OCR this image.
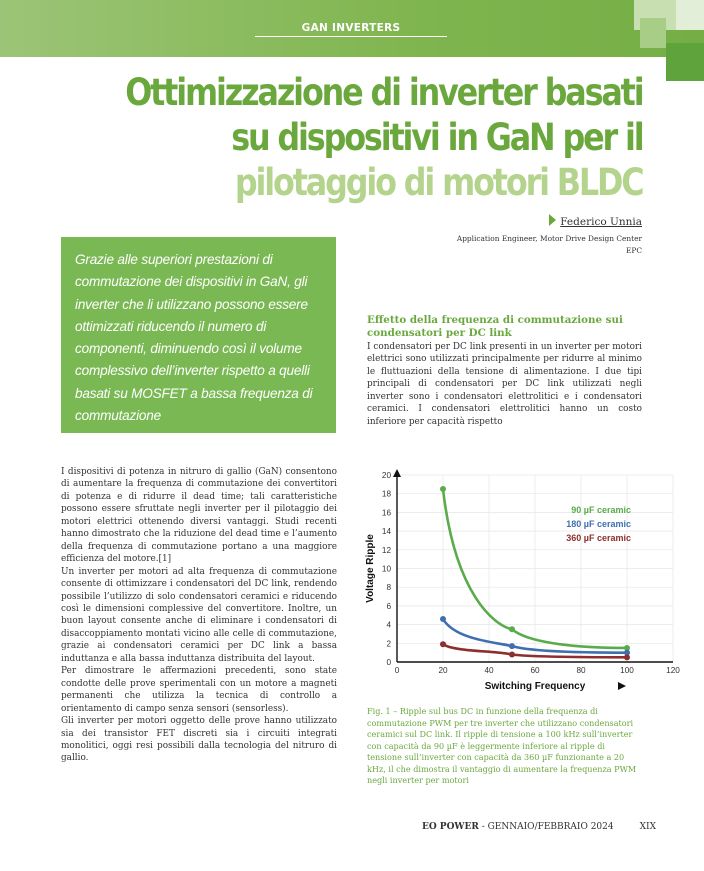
GAN INVERTERS
Ottimizzazione di inverter basati
su dispositivi in GaN per il
pilotaggio di motori BLDC
Federico Unnia
Application Engineer, Motor Drive Design Center
EPC

Grazie alle superiori prestazioni di commutazione dei dispositivi in GaN, gli inverter che li utilizzano possono essere ottimizzati riducendo il numero di componenti, diminuendo così il volume complessivo dell’inverter rispetto a quelli basati su MOSFET a bassa frequenza di commutazione

Effetto della frequenza di commutazione sui condensatori per DC link

I condensatori per DC link presenti in un inverter per motori elettrici sono utilizzati principalmente per ridurre al minimo le fluttuazioni della tensione di alimentazione. I due tipi principali di condensatori per DC link utilizzati negli inverter sono i condensatori elettrolitici e i condensatori ceramici. I condensatori elettrolitici hanno un costo inferiore per capacità rispetto

I dispositivi di potenza in nitruro di gallio (GaN) consentono di aumentare la frequenza di commutazione dei convertitori di potenza e di ridurre il dead time; tali caratteristiche possono essere sfruttate negli inverter per il pilotaggio dei motori elettrici ottenendo diversi vantaggi. Studi recenti hanno dimostrato che la riduzione del dead time e l’aumento della frequenza di commutazione portano a una maggiore efficienza del motore.[1]

Un inverter per motori ad alta frequenza di commutazione consente di ottimizzare i condensatori del DC link, rendendo possibile l’utilizzo di solo condensatori ceramici e riducendo così le dimensioni complessive del convertitore. Inoltre, un buon layout consente anche di eliminare i condensatori di disaccoppiamento montati vicino alle celle di commutazione, grazie ai condensatori ceramici per DC link a bassa induttanza e alla bassa induttanza distribuita del layout.

Per dimostrare le affermazioni precedenti, sono state condotte delle prove sperimentali con un motore a magneti permanenti che utilizza la tecnica di controllo a orientamento di campo senza sensori (sensorless).

Gli inverter per motori oggetto delle prove hanno utilizzato sia dei transistor FET discreti sia i circuiti integrati monolitici, oggi resi possibili dalla tecnologia del nitruro di gallio.

0
2
4
6
8
10
12
14
16
18
20
0	20	40	60	80	100	120
90 µF ceramic
180 µF ceramic
360 µF ceramic
Switching Frequency
Voltage Ripple

Fig. 1 – Ripple sul bus DC in funzione della frequenza di commutazione PWM per tre inverter che utilizzano condensatori ceramici sul DC link. Il ripple di tensione a 100 kHz sull’inverter con capacità da 90 µF è leggermente inferiore al ripple di tensione sull’inverter con capacità da 360 µF funzionante a 20 kHz, il che dimostra il vantaggio di aumentare la frequenza PWM negli inverter per motori

EO POWER - GENNAIO/FEBBRAIO 2024	XIX
